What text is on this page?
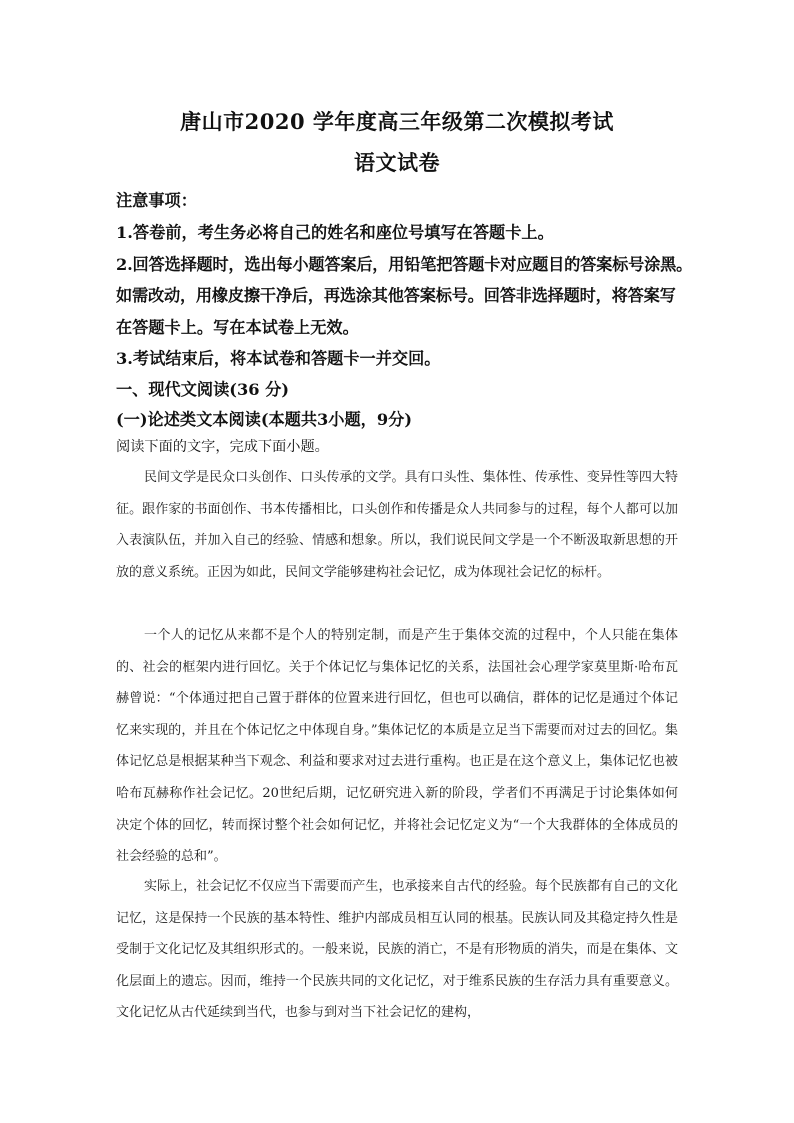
唐山市2020 学年度高三年级第二次模拟考试
语文试卷
注意事项：
1.答卷前，考生务必将自己的姓名和座位号填写在答题卡上。
2.回答选择题时，选出每小题答案后，用铅笔把答题卡对应题目的答案标号涂黑。
如需改动，用橡皮擦干净后，再选涂其他答案标号。回答非选择题时，将答案写
在答题卡上。写在本试卷上无效。
3.考试结束后，将本试卷和答题卡一并交回。
一、现代文阅读(36 分)
(一)论述类文本阅读(本题共3小题，9分)
阅读下面的文字，完成下面小题。
民间文学是民众口头创作、口头传承的文学。具有口头性、集体性、传承性、变异性等四大特征。跟作家的书面创作、书本传播相比，口头创作和传播是众人共同参与的过程，每个人都可以加入表演队伍，并加入自己的经验、情感和想象。所以，我们说民间文学是一个不断汲取新思想的开放的意义系统。正因为如此，民间文学能够建构社会记忆，成为体现社会记忆的标杆。
一个人的记忆从来都不是个人的特别定制，而是产生于集体交流的过程中，个人只能在集体的、社会的框架内进行回忆。关于个体记忆与集体记忆的关系，法国社会心理学家莫里斯·哈布瓦赫曾说：“个体通过把自己置于群体的位置来进行回忆，但也可以确信，群体的记忆是通过个体记忆来实现的，并且在个体记忆之中体现自身。”集体记忆的本质是立足当下需要而对过去的回忆。集体记忆总是根据某种当下观念、利益和要求对过去进行重构。也正是在这个意义上，集体记忆也被哈布瓦赫称作社会记忆。20世纪后期，记忆研究进入新的阶段，学者们不再满足于讨论集体如何决定个体的回忆，转而探讨整个社会如何记忆，并将社会记忆定义为“一个大我群体的全体成员的社会经验的总和”。
实际上，社会记忆不仅应当下需要而产生，也承接来自古代的经验。每个民族都有自己的文化记忆，这是保持一个民族的基本特性、维护内部成员相互认同的根基。民族认同及其稳定持久性是受制于文化记忆及其组织形式的。一般来说，民族的消亡，不是有形物质的消失，而是在集体、文化层面上的遗忘。因而，维持一个民族共同的文化记忆，对于维系民族的生存活力具有重要意义。文化记忆从古代延续到当代，也参与到对当下社会记忆的建构，
